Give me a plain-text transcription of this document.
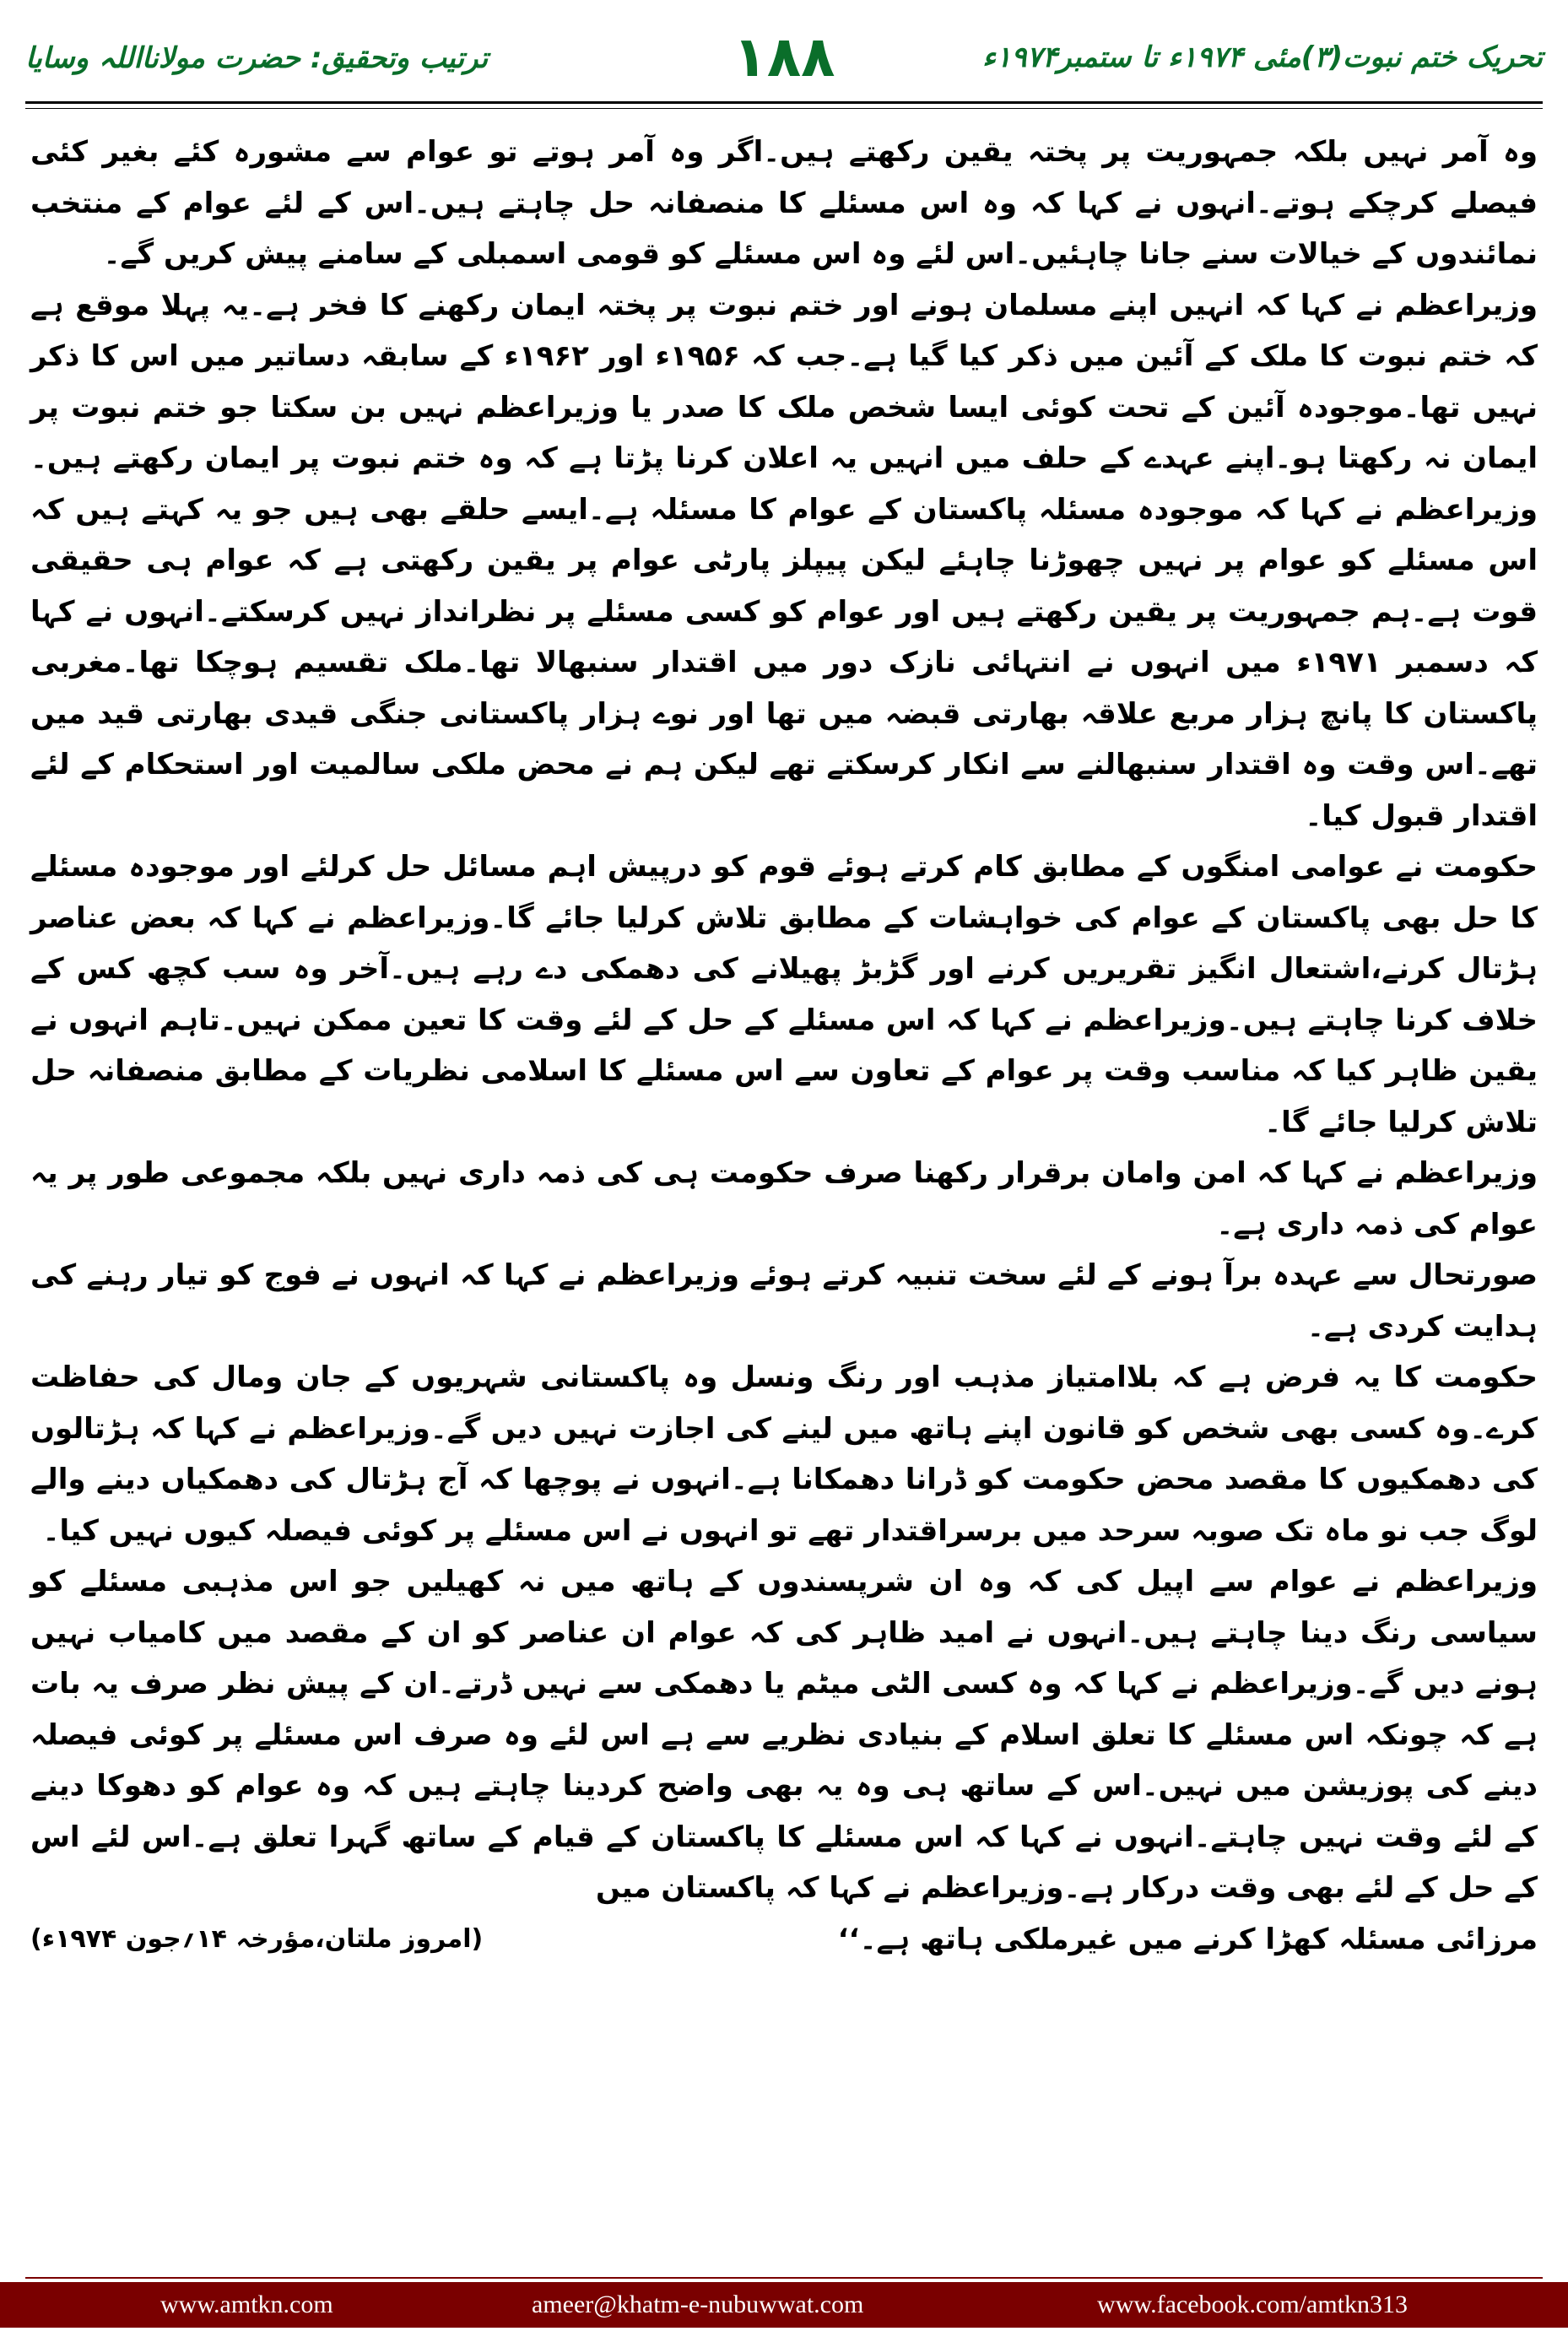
تحریک ختم نبوت(۳)مئی ۱۹۷۴ء تا ستمبر۱۹۷۴ء
۱۸۸
ترتیب وتحقیق: حضرت مولانااللہ وسایا

وہ آمر نہیں بلکہ جمہوریت پر پختہ یقین رکھتے ہیں۔اگر وہ آمر ہوتے تو عوام سے مشورہ کئے بغیر کئی فیصلے کرچکے ہوتے۔انہوں نے کہا کہ وہ اس مسئلے کا منصفانہ حل چاہتے ہیں۔اس کے لئے عوام کے منتخب نمائندوں کے خیالات سنے جانا چاہئیں۔اس لئے وہ اس مسئلے کو قومی اسمبلی کے سامنے پیش کریں گے۔

وزیراعظم نے کہا کہ انہیں اپنے مسلمان ہونے اور ختم نبوت پر پختہ ایمان رکھنے کا فخر ہے۔یہ پہلا موقع ہے کہ ختم نبوت کا ملک کے آئین میں ذکر کیا گیا ہے۔جب کہ ۱۹۵۶ء اور ۱۹۶۲ء کے سابقہ دساتیر میں اس کا ذکر نہیں تھا۔موجودہ آئین کے تحت کوئی ایسا شخص ملک کا صدر یا وزیراعظم نہیں بن سکتا جو ختم نبوت پر ایمان نہ رکھتا ہو۔اپنے عہدے کے حلف میں انہیں یہ اعلان کرنا پڑتا ہے کہ وہ ختم نبوت پر ایمان رکھتے ہیں۔وزیراعظم نے کہا کہ موجودہ مسئلہ پاکستان کے عوام کا مسئلہ ہے۔ایسے حلقے بھی ہیں جو یہ کہتے ہیں کہ اس مسئلے کو عوام پر نہیں چھوڑنا چاہئے لیکن پیپلز پارٹی عوام پر یقین رکھتی ہے کہ عوام ہی حقیقی قوت ہے۔ہم جمہوریت پر یقین رکھتے ہیں اور عوام کو کسی مسئلے پر نظرانداز نہیں کرسکتے۔انہوں نے کہا کہ دسمبر ۱۹۷۱ء میں انہوں نے انتہائی نازک دور میں اقتدار سنبھالا تھا۔ملک تقسیم ہوچکا تھا۔مغربی پاکستان کا پانچ ہزار مربع علاقہ بھارتی قبضہ میں تھا اور نوے ہزار پاکستانی جنگی قیدی بھارتی قید میں تھے۔اس وقت وہ اقتدار سنبھالنے سے انکار کرسکتے تھے لیکن ہم نے محض ملکی سالمیت اور استحکام کے لئے اقتدار قبول کیا۔

حکومت نے عوامی امنگوں کے مطابق کام کرتے ہوئے قوم کو درپیش اہم مسائل حل کرلئے اور موجودہ مسئلے کا حل بھی پاکستان کے عوام کی خواہشات کے مطابق تلاش کرلیا جائے گا۔وزیراعظم نے کہا کہ بعض عناصر ہڑتال کرنے،اشتعال انگیز تقریریں کرنے اور گڑبڑ پھیلانے کی دھمکی دے رہے ہیں۔آخر وہ سب کچھ کس کے خلاف کرنا چاہتے ہیں۔وزیراعظم نے کہا کہ اس مسئلے کے حل کے لئے وقت کا تعین ممکن نہیں۔تاہم انہوں نے یقین ظاہر کیا کہ مناسب وقت پر عوام کے تعاون سے اس مسئلے کا اسلامی نظریات کے مطابق منصفانہ حل تلاش کرلیا جائے گا۔

وزیراعظم نے کہا کہ امن وامان برقرار رکھنا صرف حکومت ہی کی ذمہ داری نہیں بلکہ مجموعی طور پر یہ عوام کی ذمہ داری ہے۔

صورتحال سے عہدہ برآ ہونے کے لئے سخت تنبیہ کرتے ہوئے وزیراعظم نے کہا کہ انہوں نے فوج کو تیار رہنے کی ہدایت کردی ہے۔

حکومت کا یہ فرض ہے کہ بلاامتیاز مذہب اور رنگ ونسل وہ پاکستانی شہریوں کے جان ومال کی حفاظت کرے۔وہ کسی بھی شخص کو قانون اپنے ہاتھ میں لینے کی اجازت نہیں دیں گے۔وزیراعظم نے کہا کہ ہڑتالوں کی دھمکیوں کا مقصد محض حکومت کو ڈرانا دھمکانا ہے۔انہوں نے پوچھا کہ آج ہڑتال کی دھمکیاں دینے والے لوگ جب نو ماہ تک صوبہ سرحد میں برسراقتدار تھے تو انہوں نے اس مسئلے پر کوئی فیصلہ کیوں نہیں کیا۔

وزیراعظم نے عوام سے اپیل کی کہ وہ ان شرپسندوں کے ہاتھ میں نہ کھیلیں جو اس مذہبی مسئلے کو سیاسی رنگ دینا چاہتے ہیں۔انہوں نے امید ظاہر کی کہ عوام ان عناصر کو ان کے مقصد میں کامیاب نہیں ہونے دیں گے۔وزیراعظم نے کہا کہ وہ کسی الٹی میٹم یا دھمکی سے نہیں ڈرتے۔ان کے پیش نظر صرف یہ بات ہے کہ چونکہ اس مسئلے کا تعلق اسلام کے بنیادی نظریے سے ہے اس لئے وہ صرف اس مسئلے پر کوئی فیصلہ دینے کی پوزیشن میں نہیں۔اس کے ساتھ ہی وہ یہ بھی واضح کردینا چاہتے ہیں کہ وہ عوام کو دھوکا دینے کے لئے وقت نہیں چاہتے۔انہوں نے کہا کہ اس مسئلے کا پاکستان کے قیام کے ساتھ گہرا تعلق ہے۔اس لئے اس کے حل کے لئے بھی وقت درکار ہے۔وزیراعظم نے کہا کہ پاکستان میں

مرزائی مسئلہ کھڑا کرنے میں غیرملکی ہاتھ ہے۔‘‘
(امروز ملتان،مؤرخہ ۱۴؍جون ۱۹۷۴ء)
www.amtkn.com	ameer@khatm-e-nubuwwat.com	www.facebook.com/amtkn313
